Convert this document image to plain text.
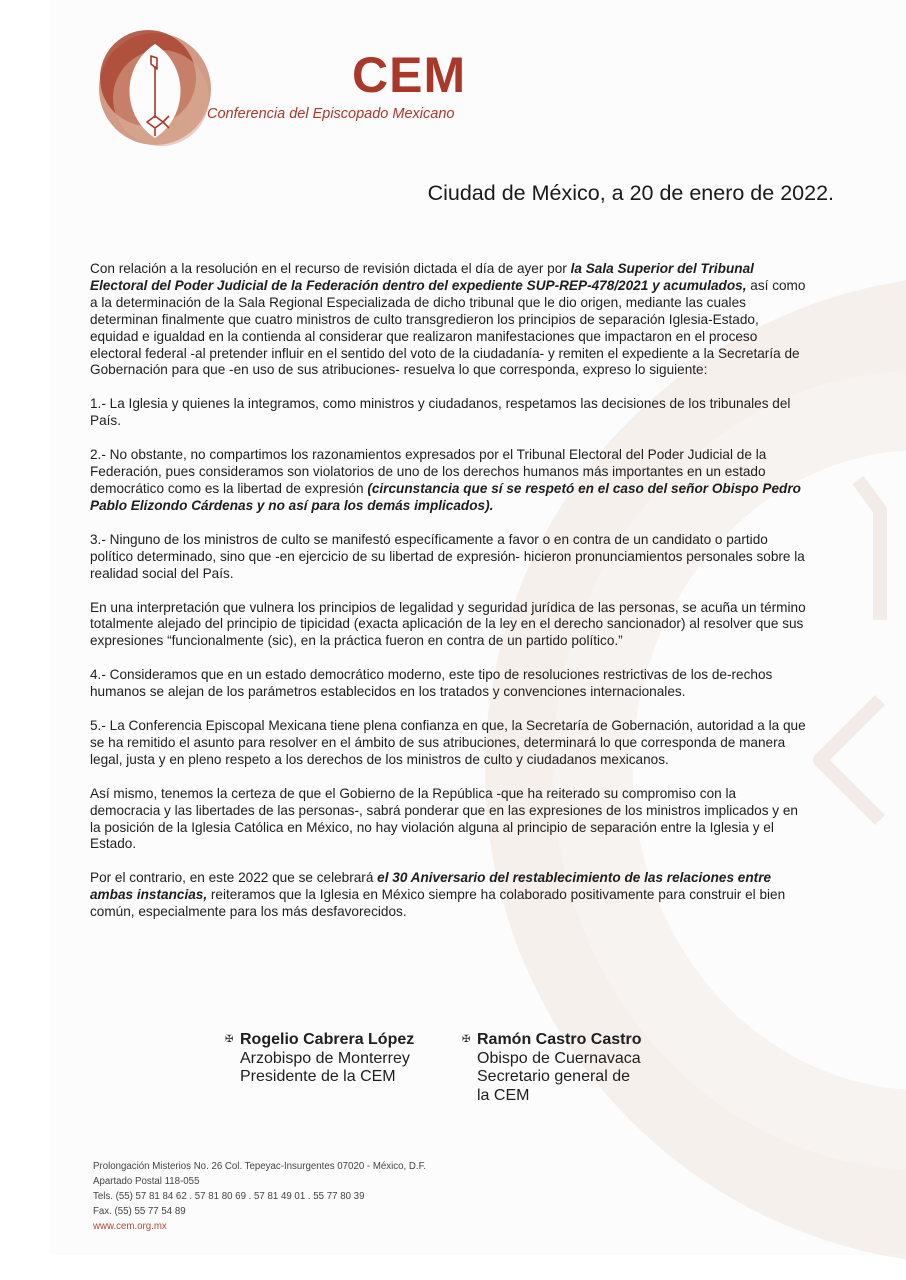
CEM
Conferencia del Episcopado Mexicano
Ciudad de México, a 20 de enero de 2022.

Con relación a la resolución en el recurso de revisión dictada el día de ayer por la Sala Superior del Tribunal Electoral del Poder Judicial de la Federación dentro del expediente SUP-REP-478/2021 y acumulados, así como a la determinación de la Sala Regional Especializada de dicho tribunal que le dio origen, mediante las cuales determinan finalmente que cuatro ministros de culto transgredieron los principios de separación Iglesia-Estado, equidad e igualdad en la contienda al considerar que realizaron manifestaciones que impactaron en el proceso electoral federal -al pretender influir en el sentido del voto de la ciudadanía- y remiten el expediente a la Secretaría de Gobernación para que -en uso de sus atribuciones- resuelva lo que corresponda, expreso lo siguiente:

1.- La Iglesia y quienes la integramos, como ministros y ciudadanos, respetamos las decisiones de los tribunales del País.

2.- No obstante, no compartimos los razonamientos expresados por el Tribunal Electoral del Poder Judicial de la Federación, pues consideramos son violatorios de uno de los derechos humanos más importantes en un estado democrático como es la libertad de expresión (circunstancia que sí se respetó en el caso del señor Obispo Pedro Pablo Elizondo Cárdenas y no así para los demás implicados).

3.- Ninguno de los ministros de culto se manifestó específicamente a favor o en contra de un candidato o partido político determinado, sino que -en ejercicio de su libertad de expresión- hicieron pronunciamientos personales sobre la realidad social del País.

En una interpretación que vulnera los principios de legalidad y seguridad jurídica de las personas, se acuña un término totalmente alejado del principio de tipicidad (exacta aplicación de la ley en el derecho sancionador) al resolver que sus expresiones “funcionalmente (sic), en la práctica fueron en contra de un partido político.”

4.- Consideramos que en un estado democrático moderno, este tipo de resoluciones restrictivas de los de-rechos humanos se alejan de los parámetros establecidos en los tratados y convenciones internacionales.

5.- La Conferencia Episcopal Mexicana tiene plena confianza en que, la Secretaría de Gobernación, autoridad a la que se ha remitido el asunto para resolver en el ámbito de sus atribuciones, determinará lo que corresponda de manera legal, justa y en pleno respeto a los derechos de los ministros de culto y ciudadanos mexicanos.

Así mismo, tenemos la certeza de que el Gobierno de la República -que ha reiterado su compromiso con la democracia y las libertades de las personas-, sabrá ponderar que en las expresiones de los ministros implicados y en la posición de la Iglesia Católica en México, no hay violación alguna al principio de separación entre la Iglesia y el Estado.

Por el contrario, en este 2022 que se celebrará el 30 Aniversario del restablecimiento de las relaciones entre ambas instancias, reiteramos que la Iglesia en México siempre ha colaborado positivamente para construir el bien común, especialmente para los más desfavorecidos.

✠ Rogelio Cabrera López
Arzobispo de Monterrey
Presidente de la CEM
✠ Ramón Castro Castro
Obispo de Cuernavaca
Secretario general de
la CEM
Prolongación Misterios No. 26 Col. Tepeyac-Insurgentes 07020 - México, D.F.
Apartado Postal 118-055
Tels. (55) 57 81 84 62 . 57 81 80 69 . 57 81 49 01 . 55 77 80 39
Fax. (55) 55 77 54 89
www.cem.org.mx
